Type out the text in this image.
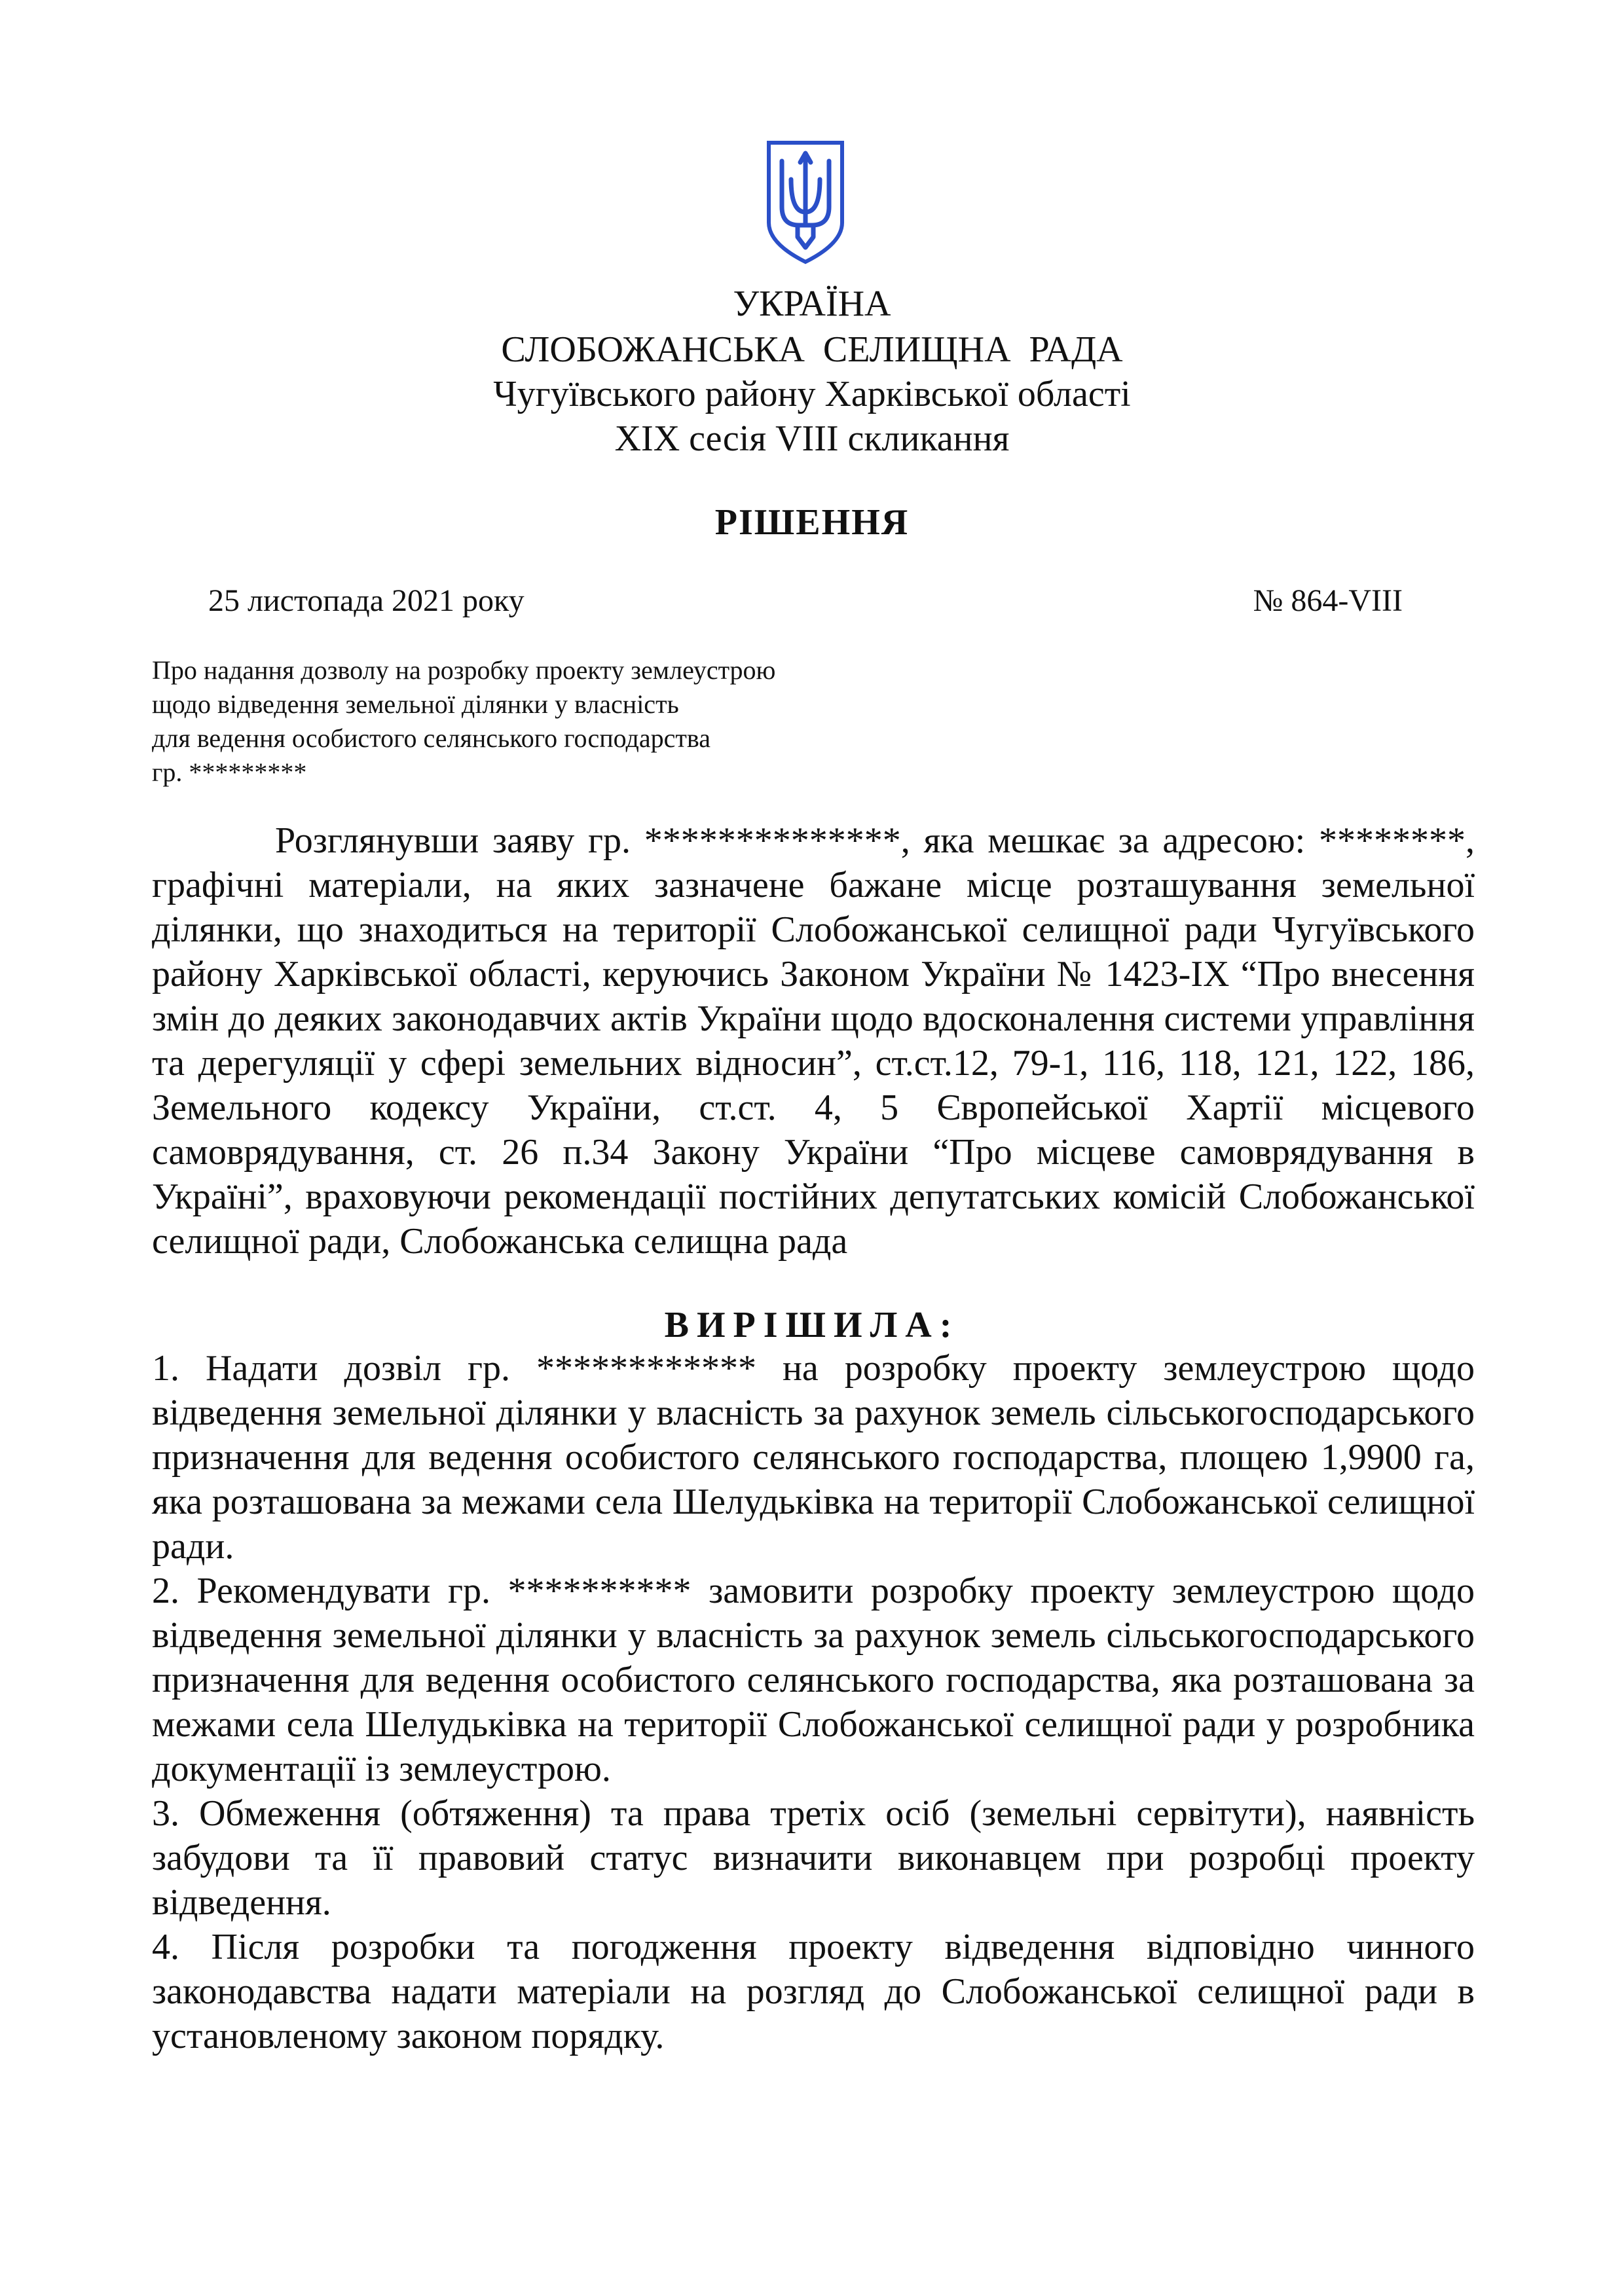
УКРАЇНА
СЛОБОЖАНСЬКА СЕЛИЩНА РАДА
Чугуївського району Харківської області
ХІХ сесія VІІІ скликання
РІШЕННЯ
25 листопада 2021 року	№ 864-VІІІ
Про надання дозволу на розробку проекту землеустрою
щодо відведення земельної ділянки у власність
для ведення особистого селянського господарства
гр. *********

Розглянувши заяву гр. **************, яка мешкає за адресою: ********, графічні матеріали, на яких зазначене бажане місце розташування земельної ділянки, що знаходиться на території Слобожанської селищної ради Чугуївського району Харківської області, керуючись Законом України № 1423-ІХ “Про внесення змін до деяких законодавчих актів України щодо вдосконалення системи управління та дерегуляції у сфері земельних відносин”, ст.ст.12, 79-1, 116, 118, 121, 122, 186, Земельного кодексу України, ст.ст. 4, 5 Європейської Хартії місцевого самоврядування, ст. 26 п.34 Закону України “Про місцеве самоврядування в Україні”, враховуючи рекомендації постійних депутатських комісій Слобожанської селищної ради, Слобожанська селищна рада

ВИРІШИЛА:

1. Надати дозвіл гр. ************ на розробку проекту землеустрою щодо відведення земельної ділянки у власність за рахунок земель сільськогосподарського призначення для ведення особистого селянського господарства, площею 1,9900 га, яка розташована за межами села Шелудьківка на території Слобожанської селищної ради.

2. Рекомендувати гр. ********** замовити розробку проекту землеустрою щодо відведення земельної ділянки у власність за рахунок земель сільськогосподарського призначення для ведення особистого селянського господарства, яка розташована за межами села Шелудьківка на території Слобожанської селищної ради у розробника документації із землеустрою.

3. Обмеження (обтяження) та права третіх осіб (земельні сервітути), наявність забудови та її правовий статус визначити виконавцем при розробці проекту відведення.

4. Після розробки та погодження проекту відведення відповідно чинного законодавства надати матеріали на розгляд до Слобожанської селищної ради в установленому законом порядку.
